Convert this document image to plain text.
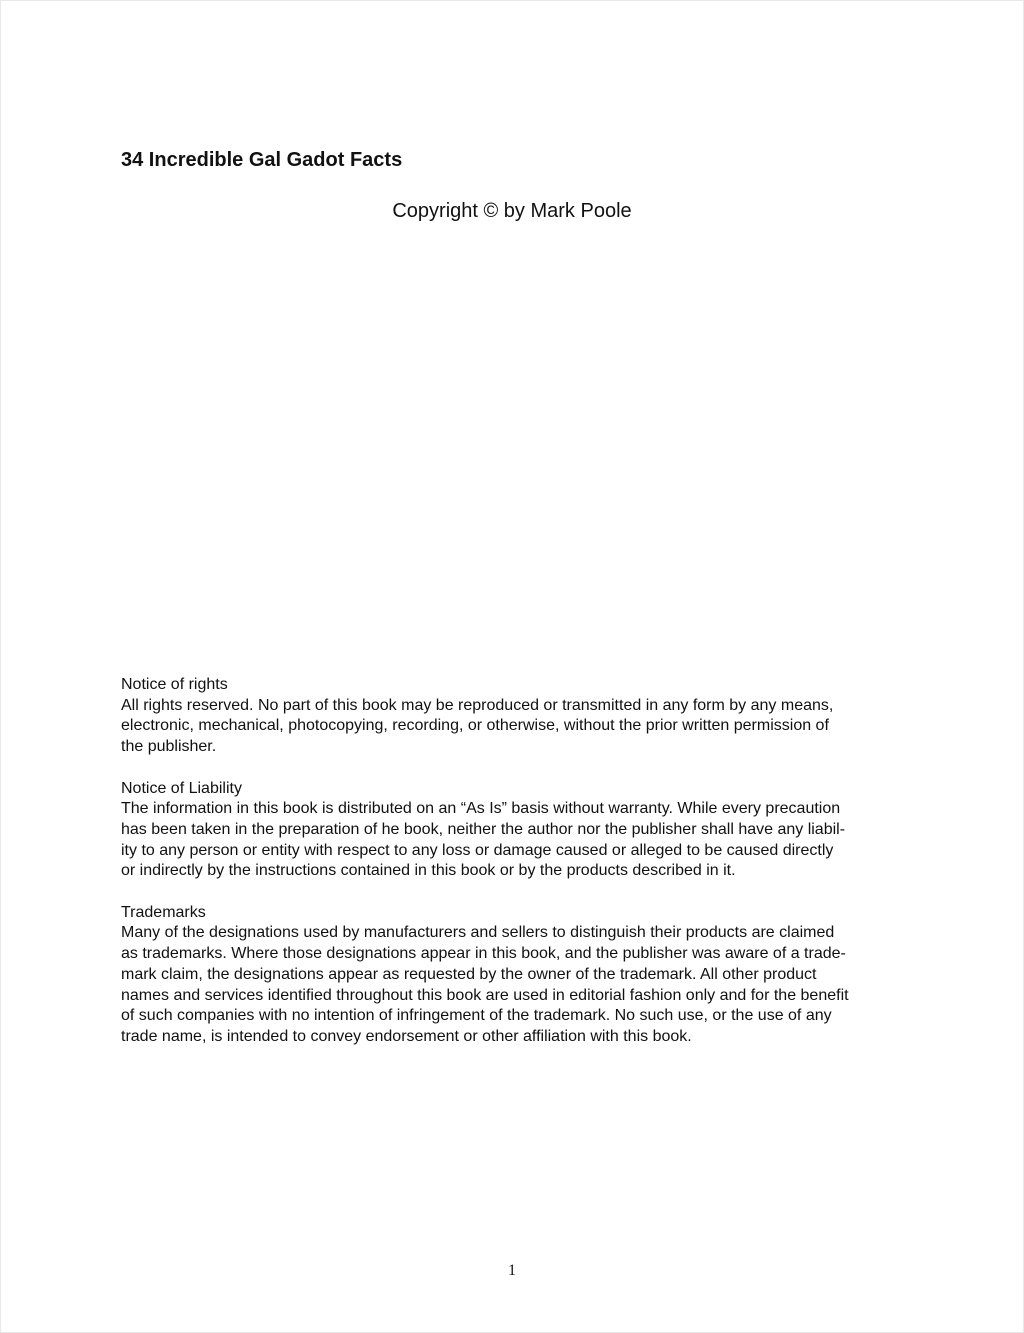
34 Incredible Gal Gadot Facts

Copyright © by Mark Poole

Notice of rights
All rights reserved. No part of this book may be reproduced or transmitted in any form by any means,
electronic, mechanical, photocopying, recording, or otherwise, without the prior written permission of
the publisher.
Notice of Liability
The information in this book is distributed on an “As Is” basis without warranty. While every precaution
has been taken in the preparation of he book, neither the author nor the publisher shall have any liabil-
ity to any person or entity with respect to any loss or damage caused or alleged to be caused directly
or indirectly by the instructions contained in this book or by the products described in it.
Trademarks
Many of the designations used by manufacturers and sellers to distinguish their products are claimed
as trademarks. Where those designations appear in this book, and the publisher was aware of a trade-
mark claim, the designations appear as requested by the owner of the trademark. All other product
names and services identified throughout this book are used in editorial fashion only and for the benefit
of such companies with no intention of infringement of the trademark. No such use, or the use of any
trade name, is intended to convey endorsement or other affiliation with this book.
1
